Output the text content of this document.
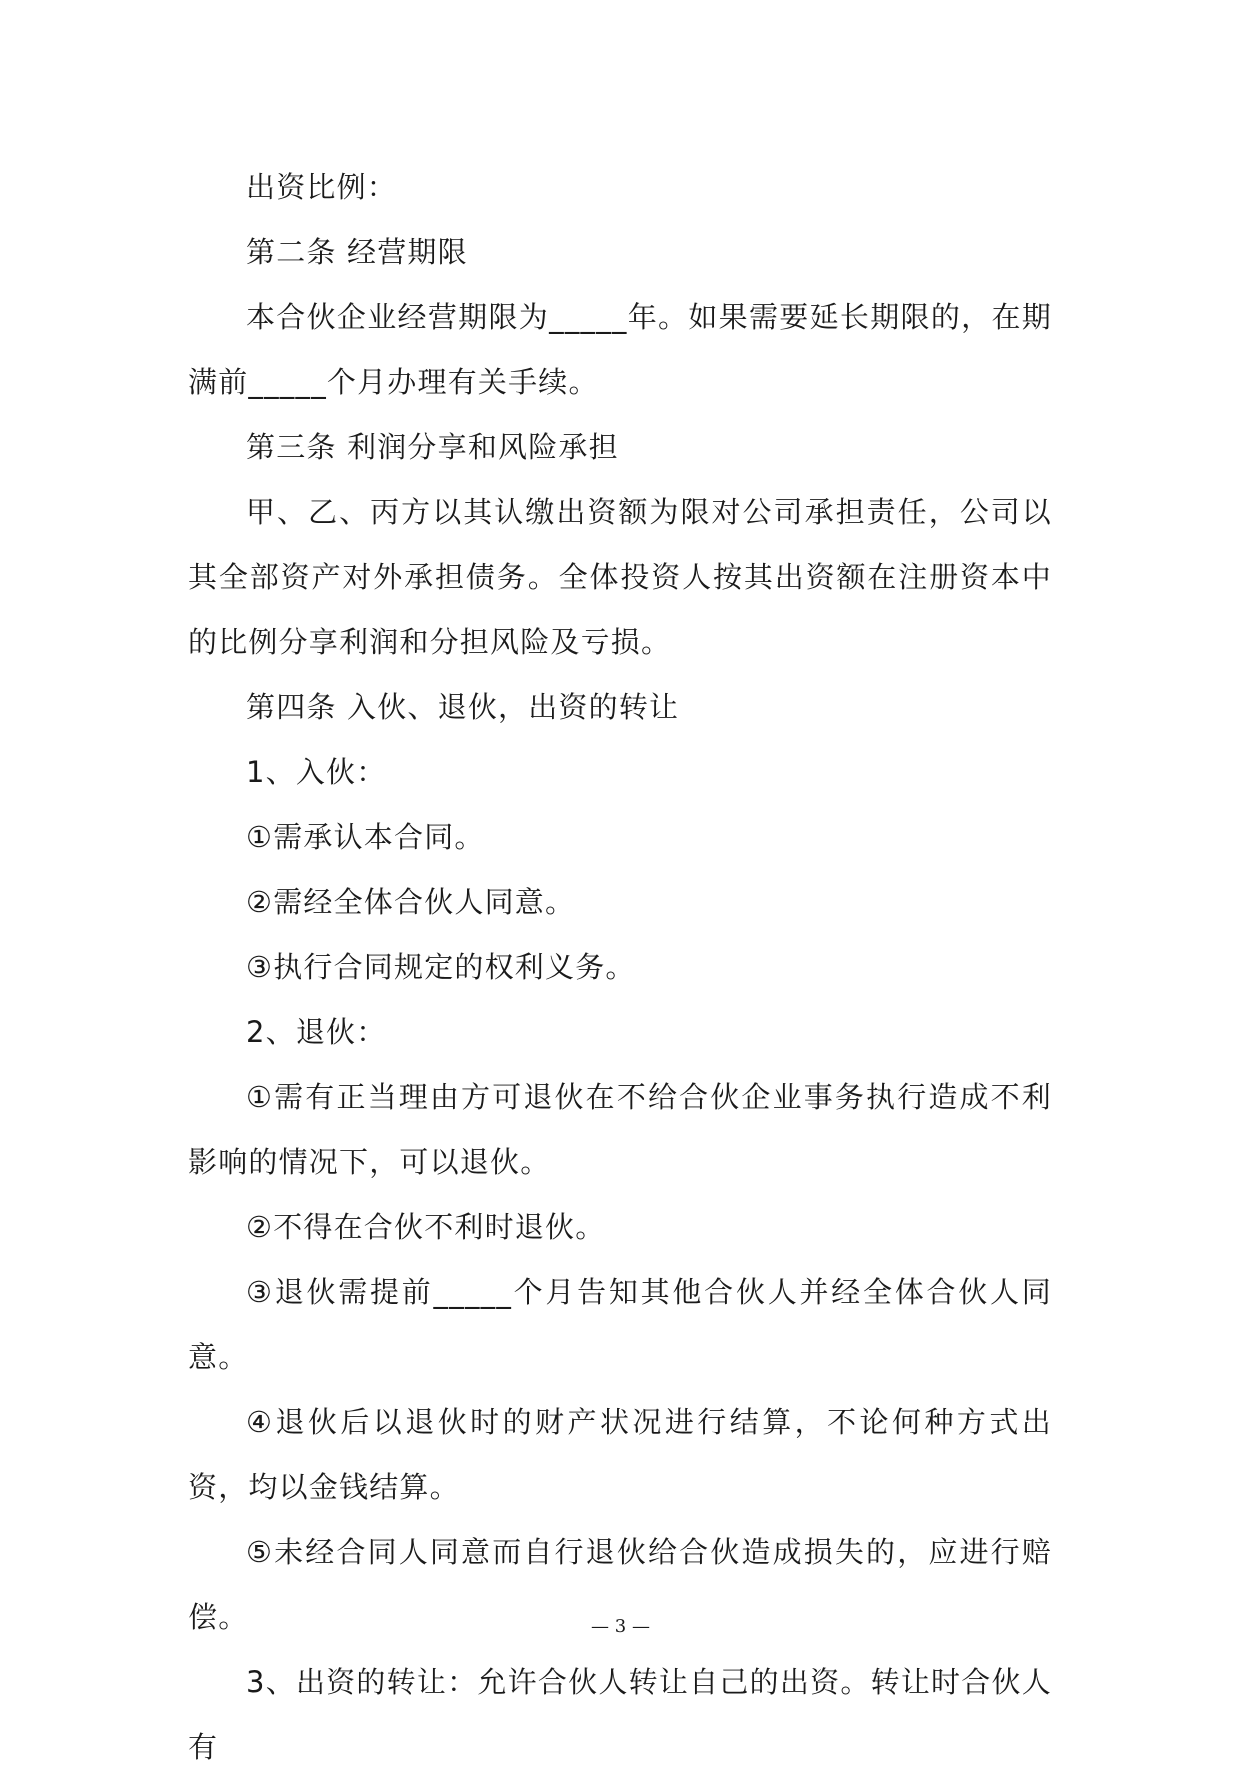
出资比例：

第二条 经营期限

本合伙企业经营期限为_____年。如果需要延长期限的，在期满前_____个月办理有关手续。

第三条 利润分享和风险承担

甲、乙、丙方以其认缴出资额为限对公司承担责任，公司以其全部资产对外承担债务。全体投资人按其出资额在注册资本中的比例分享利润和分担风险及亏损。

第四条 入伙、退伙，出资的转让

1、入伙：

①需承认本合同。

②需经全体合伙人同意。

③执行合同规定的权利义务。

2、退伙：

①需有正当理由方可退伙在不给合伙企业事务执行造成不利影响的情况下，可以退伙。

②不得在合伙不利时退伙。

③退伙需提前_____个月告知其他合伙人并经全体合伙人同意。

④退伙后以退伙时的财产状况进行结算，不论何种方式出资，均以金钱结算。

⑤未经合同人同意而自行退伙给合伙造成损失的，应进行赔偿。

3、出资的转让：允许合伙人转让自己的出资。转让时合伙人有

— 3 —
